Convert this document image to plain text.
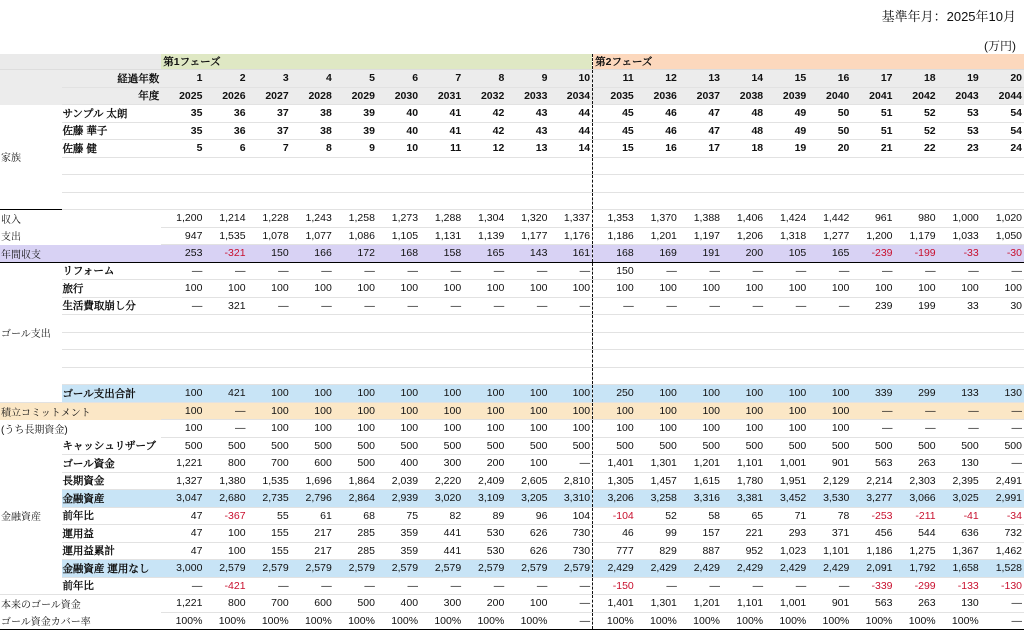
基準年月：2025年10月
(万円)
		第1フェーズ										第2フェーズ									
	経過年数	1	2	3	4	5	6	7	8	9	10	11	12	13	14	15	16	17	18	19	20
	年度	2025	2026	2027	2028	2029	2030	2031	2032	2033	2034	2035	2036	2037	2038	2039	2040	2041	2042	2043	2044
家族	サンプル 太朗	35	36	37	38	39	40	41	42	43	44	45	46	47	48	49	50	51	52	53	54
	佐藤 華子	35	36	37	38	39	40	41	42	43	44	45	46	47	48	49	50	51	52	53	54
	佐藤 健	5	6	7	8	9	10	11	12	13	14	15	16	17	18	19	20	21	22	23	24

収入		1,200	1,214	1,228	1,243	1,258	1,273	1,288	1,304	1,320	1,337	1,353	1,370	1,388	1,406	1,424	1,442	961	980	1,000	1,020
支出		947	1,535	1,078	1,077	1,086	1,105	1,131	1,139	1,177	1,176	1,186	1,201	1,197	1,206	1,318	1,277	1,200	1,179	1,033	1,050
年間収支		253	-321	150	166	172	168	158	165	143	161	168	169	191	200	105	165	-239	-199	-33	-30
ゴール支出	リフォーム	—	—	—	—	—	—	—	—	—	—	150	—	—	—	—	—	—	—	—	—
	旅行	100	100	100	100	100	100	100	100	100	100	100	100	100	100	100	100	100	100	100	100
	生活費取崩し分	—	321	—	—	—	—	—	—	—	—	—	—	—	—	—	—	239	199	33	30

	ゴール支出合計	100	421	100	100	100	100	100	100	100	100	250	100	100	100	100	100	339	299	133	130
積立コミットメント		100	—	100	100	100	100	100	100	100	100	100	100	100	100	100	100	—	—	—	—
(うち長期資金)		100	—	100	100	100	100	100	100	100	100	100	100	100	100	100	100	—	—	—	—
金融資産	キャッシュリザーブ	500	500	500	500	500	500	500	500	500	500	500	500	500	500	500	500	500	500	500	500
	ゴール資金	1,221	800	700	600	500	400	300	200	100	—	1,401	1,301	1,201	1,101	1,001	901	563	263	130	—
	長期資金	1,327	1,380	1,535	1,696	1,864	2,039	2,220	2,409	2,605	2,810	1,305	1,457	1,615	1,780	1,951	2,129	2,214	2,303	2,395	2,491
	金融資産	3,047	2,680	2,735	2,796	2,864	2,939	3,020	3,109	3,205	3,310	3,206	3,258	3,316	3,381	3,452	3,530	3,277	3,066	3,025	2,991
	前年比	47	-367	55	61	68	75	82	89	96	104	-104	52	58	65	71	78	-253	-211	-41	-34
	運用益	47	100	155	217	285	359	441	530	626	730	46	99	157	221	293	371	456	544	636	732
	運用益累計	47	100	155	217	285	359	441	530	626	730	777	829	887	952	1,023	1,101	1,186	1,275	1,367	1,462
	金融資産 運用なし	3,000	2,579	2,579	2,579	2,579	2,579	2,579	2,579	2,579	2,579	2,429	2,429	2,429	2,429	2,429	2,429	2,091	1,792	1,658	1,528
	前年比	—	-421	—	—	—	—	—	—	—	—	-150	—	—	—	—	—	-339	-299	-133	-130
本来のゴール資金		1,221	800	700	600	500	400	300	200	100	—	1,401	1,301	1,201	1,101	1,001	901	563	263	130	—
ゴール資金カバー率		100%	100%	100%	100%	100%	100%	100%	100%	100%	—	100%	100%	100%	100%	100%	100%	100%	100%	100%	—
